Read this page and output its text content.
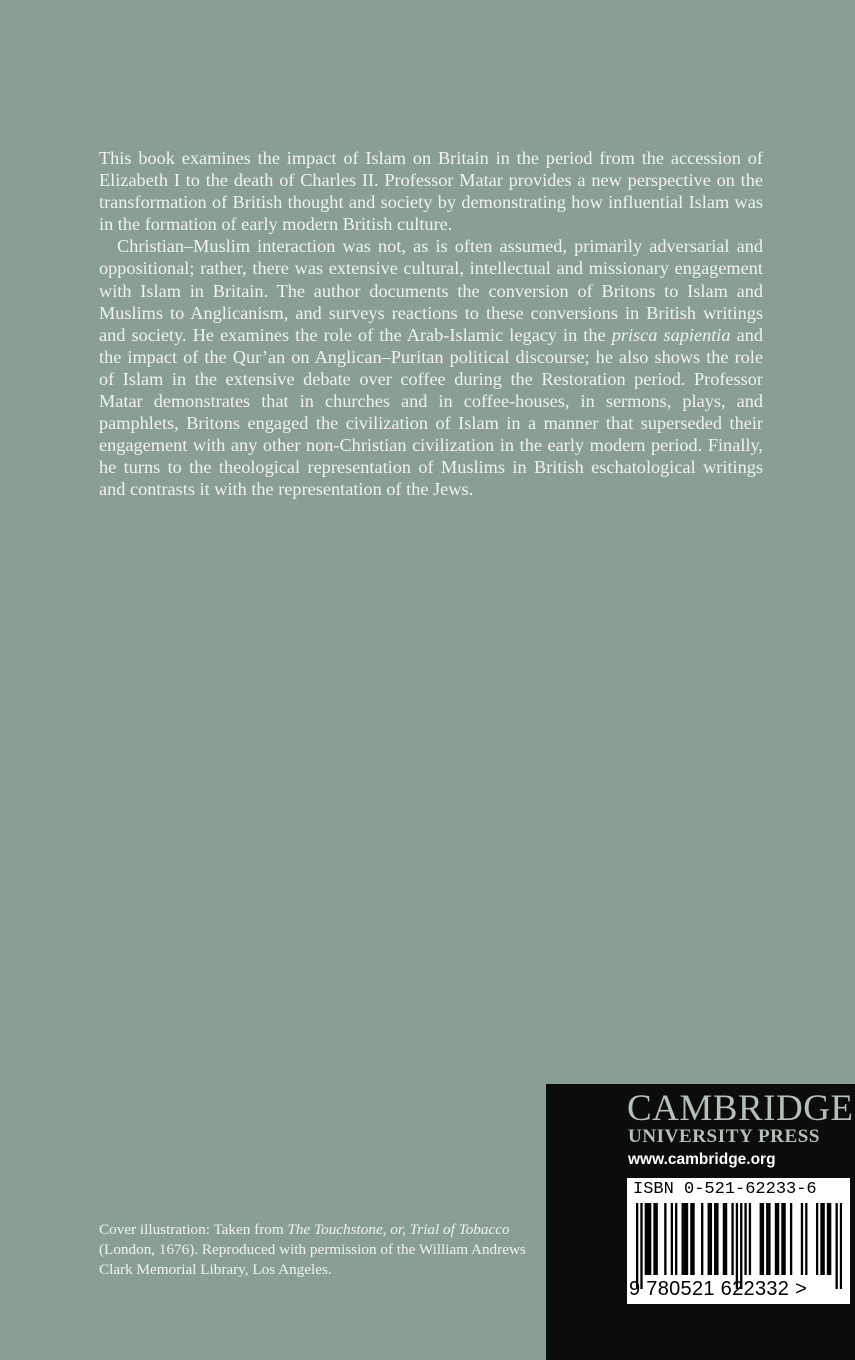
This book examines the impact of Islam on Britain in the period from the accession of Elizabeth I to the death of Charles II. Professor Matar provides a new perspective on the transformation of British thought and society by demonstrating how influential Islam was in the formation of early modern British culture.

Christian–Muslim interaction was not, as is often assumed, primarily adversarial and oppositional; rather, there was extensive cultural, intellectual and missionary engagement with Islam in Britain. The author documents the conversion of Britons to Islam and Muslims to Anglicanism, and surveys reactions to these conversions in British writings and society. He examines the role of the Arab-Islamic legacy in the prisca sapientia and the impact of the Qur’an on Anglican–Puritan political discourse; he also shows the role of Islam in the extensive debate over coffee during the Restoration period. Professor Matar demonstrates that in churches and in coffee-houses, in sermons, plays, and pamphlets, Britons engaged the civilization of Islam in a manner that superseded their engagement with any other non-Christian civilization in the early modern period. Finally, he turns to the theological representation of Muslims in British eschatological writings and contrasts it with the representation of the Jews.

Cover illustration: Taken from The Touchstone, or, Trial of Tobacco (London, 1676). Reproduced with permission of the William Andrews Clark Memorial Library, Los Angeles.
CAMBRIDGE
UNIVERSITY PRESS
www.cambridge.org
ISBN 0-521-62233-6
9 780521 622332 >
